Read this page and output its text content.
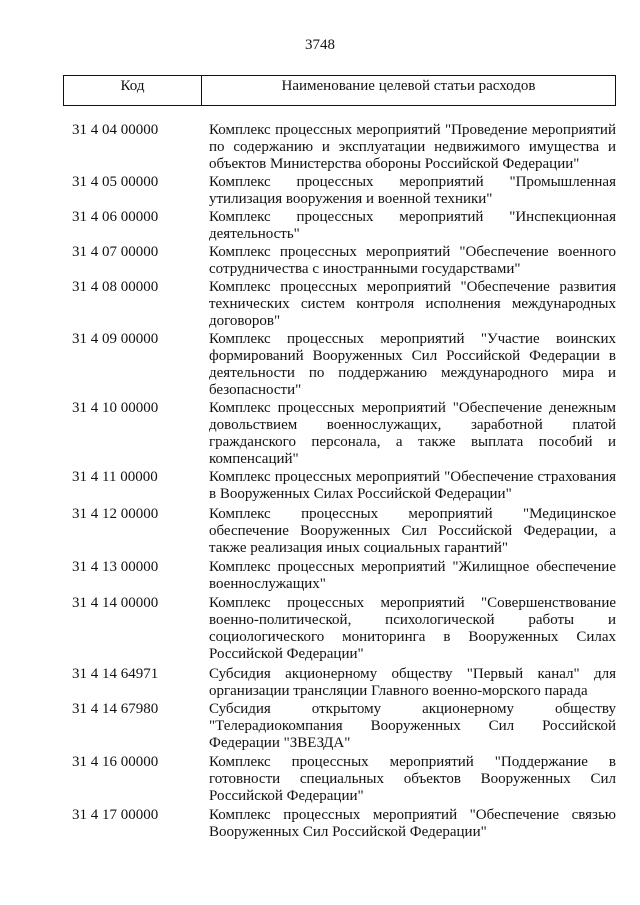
3748
Код	Наименование целевой статьи расходов
31 4 04 00000	Комплекс процессных мероприятий "Проведение мероприятий по содержанию и эксплуатации недвижимого имущества и объектов Министерства обороны Российской Федерации"
31 4 05 00000	Комплекс процессных мероприятий "Промышленная утилизация вооружения и военной техники"
31 4 06 00000	Комплекс процессных мероприятий "Инспекционная деятельность"
31 4 07 00000	Комплекс процессных мероприятий "Обеспечение военного сотрудничества с иностранными государствами"
31 4 08 00000	Комплекс процессных мероприятий "Обеспечение развития технических систем контроля исполнения международных договоров"
31 4 09 00000	Комплекс процессных мероприятий "Участие воинских формирований Вооруженных Сил Российской Федерации в деятельности по поддержанию международного мира и безопасности"
31 4 10 00000	Комплекс процессных мероприятий "Обеспечение денежным довольствием военнослужащих, заработной платой гражданского персонала, а также выплата пособий и компенсаций"
31 4 11 00000	Комплекс процессных мероприятий "Обеспечение страхования в Вооруженных Силах Российской Федерации"
31 4 12 00000	Комплекс процессных мероприятий "Медицинское обеспечение Вооруженных Сил Российской Федерации, а также реализация иных социальных гарантий"
31 4 13 00000	Комплекс процессных мероприятий "Жилищное обеспечение военнослужащих"
31 4 14 00000	Комплекс процессных мероприятий "Совершенствование военно-политической, психологической работы и социологического мониторинга в Вооруженных Силах Российской Федерации"
31 4 14 64971	Субсидия акционерному обществу "Первый канал" для организации трансляции Главного военно-морского парада
31 4 14 67980	Субсидия открытому акционерному обществу "Телерадиокомпания Вооруженных Сил Российской Федерации "ЗВЕЗДА"
31 4 16 00000	Комплекс процессных мероприятий "Поддержание в готовности специальных объектов Вооруженных Сил Российской Федерации"
31 4 17 00000	Комплекс процессных мероприятий "Обеспечение связью Вооруженных Сил Российской Федерации"
